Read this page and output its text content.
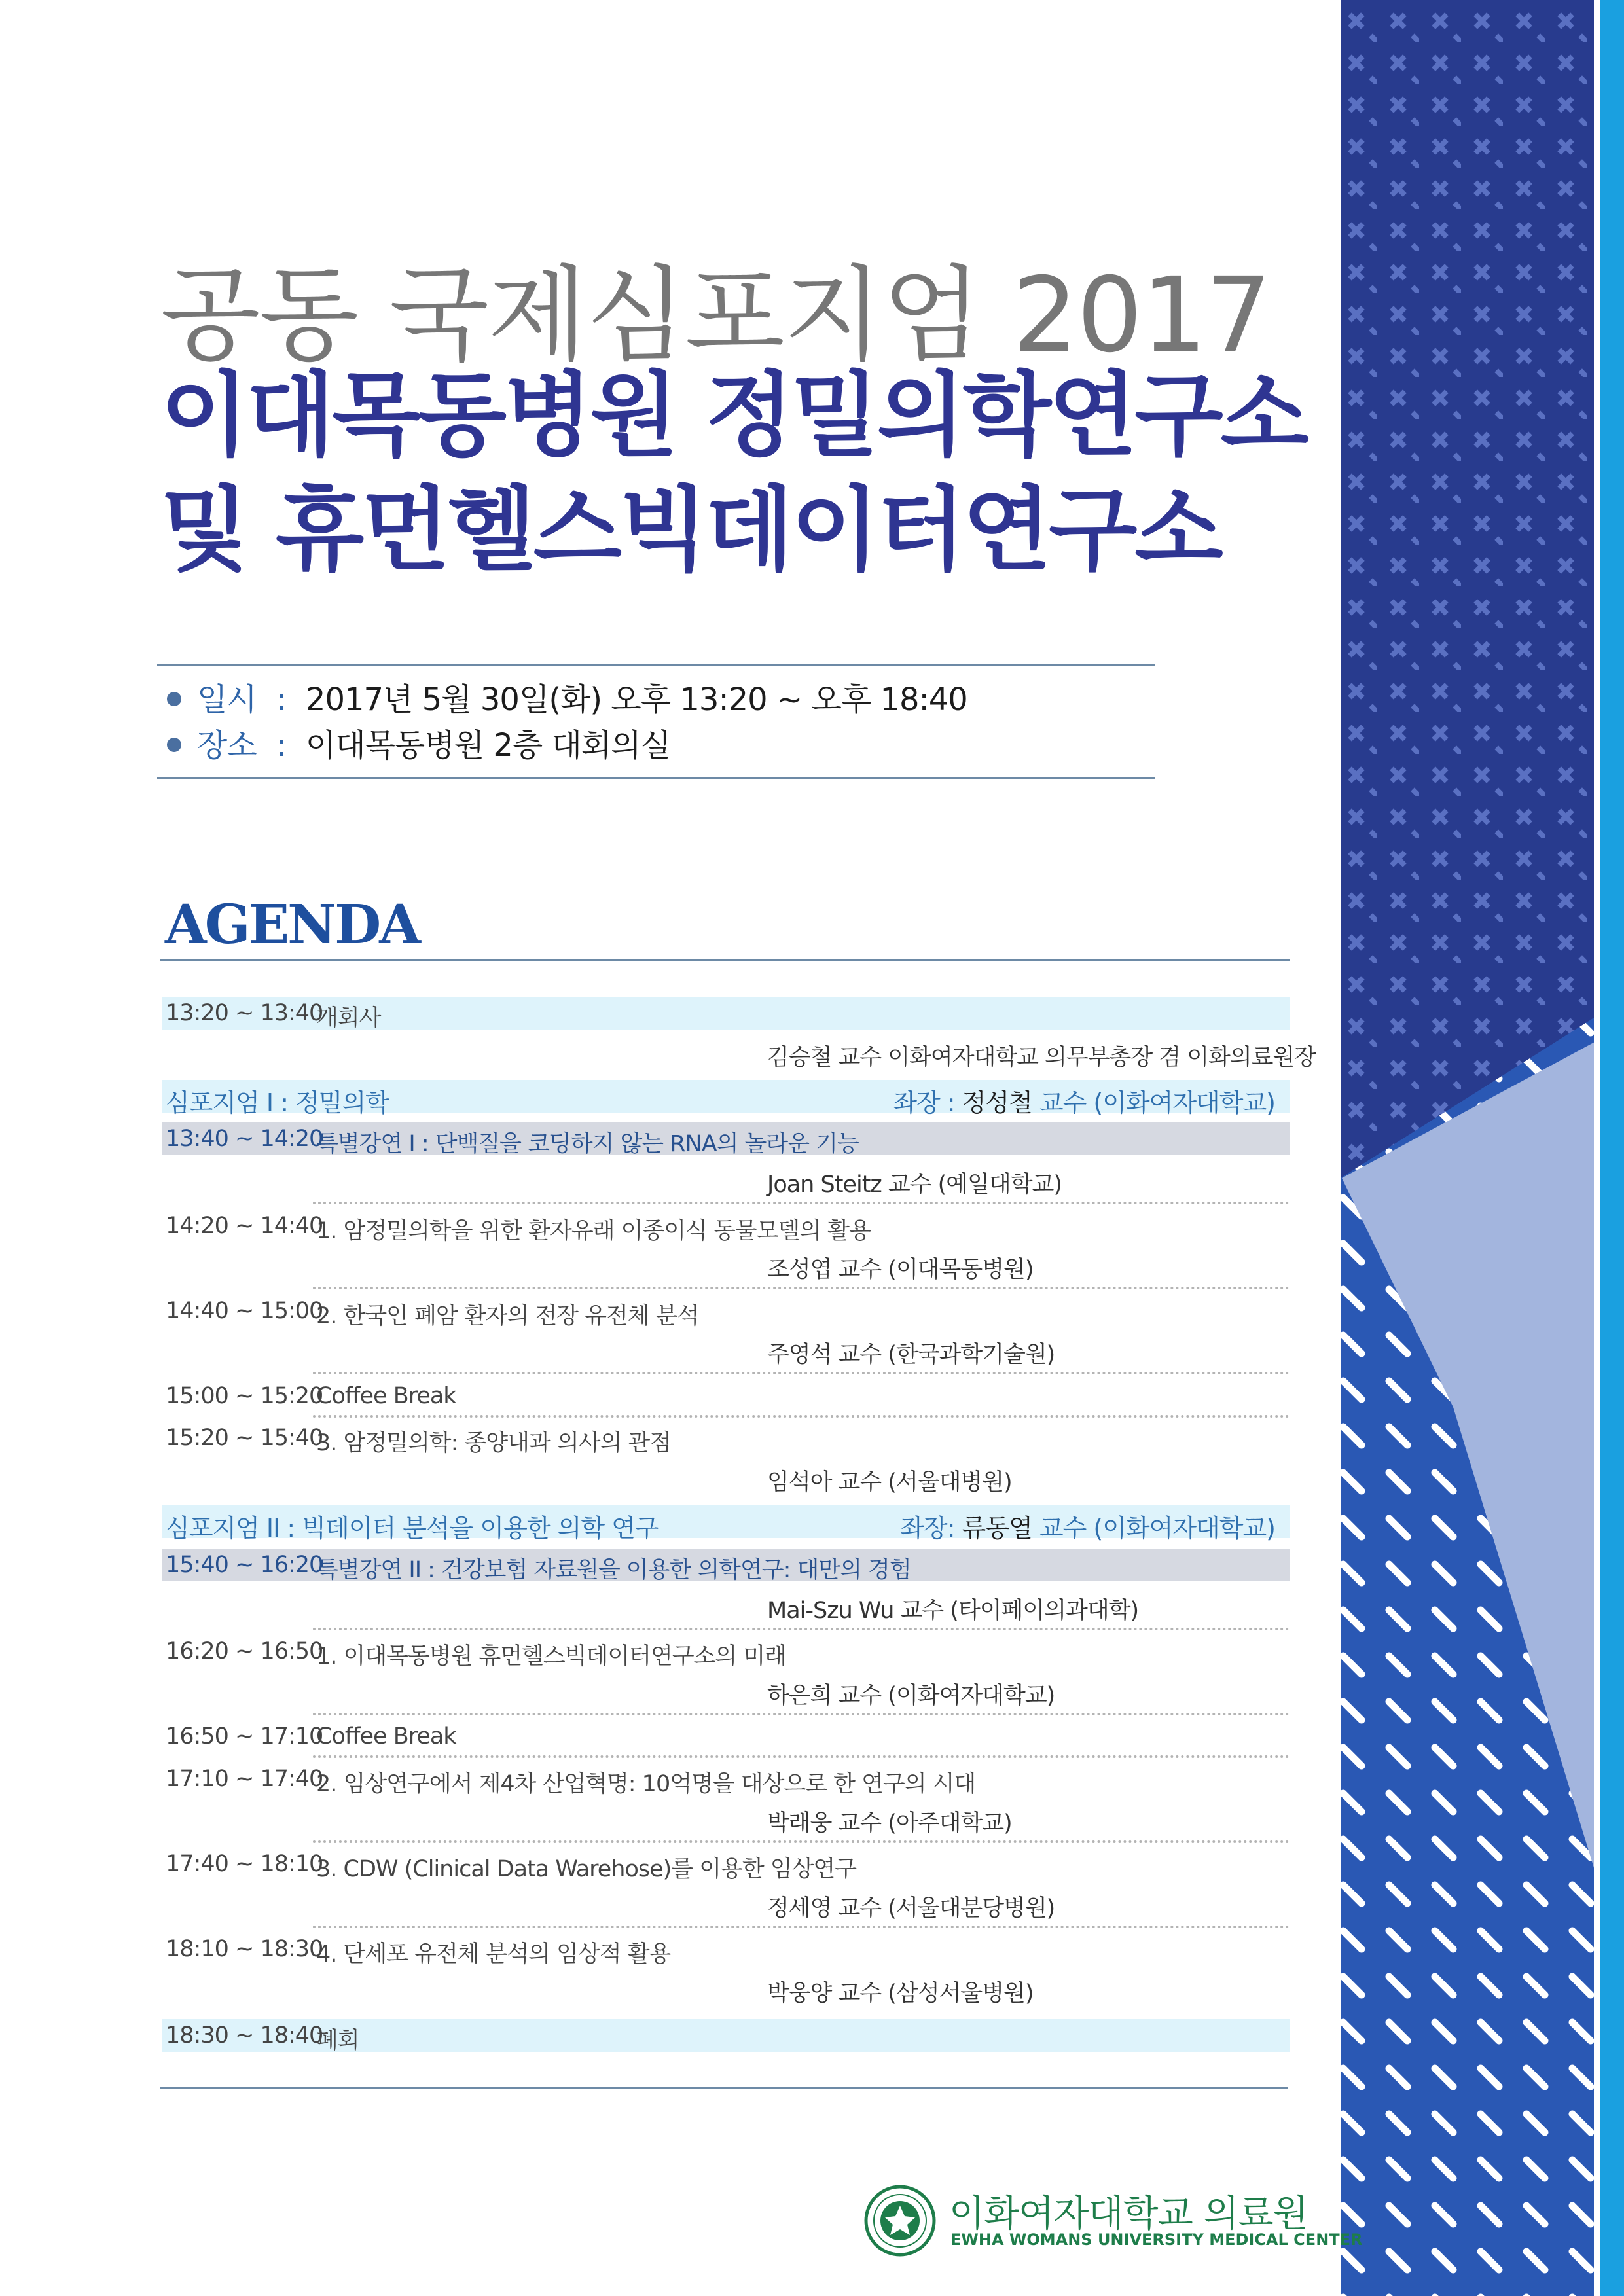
공동 국제심포지엄 2017
이대목동병원 정밀의학연구소
및 휴먼헬스빅데이터연구소
일시 : 2017년 5월 30일(화) 오후 13:20 ~ 오후 18:40
장소 : 이대목동병원 2층 대회의실
AGENDA
13:20 ~ 13:40
개회사
김승철 교수 이화여자대학교 의무부총장 겸 이화의료원장
심포지엄 I : 정밀의학	좌장 : 정성철 교수 (이화여자대학교)
13:40 ~ 14:20
특별강연 I : 단백질을 코딩하지 않는 RNA의 놀라운 기능
Joan Steitz 교수 (예일대학교)
14:20 ~ 14:40
1. 암정밀의학을 위한 환자유래 이종이식 동물모델의 활용
조성엽 교수 (이대목동병원)
14:40 ~ 15:00
2. 한국인 폐암 환자의 전장 유전체 분석
주영석 교수 (한국과학기술원)
15:00 ~ 15:20
Coffee Break
15:20 ~ 15:40
3. 암정밀의학: 종양내과 의사의 관점
임석아 교수 (서울대병원)
심포지엄 II : 빅데이터 분석을 이용한 의학 연구	좌장: 류동열 교수 (이화여자대학교)
15:40 ~ 16:20
특별강연 II : 건강보험 자료원을 이용한 의학연구: 대만의 경험
Mai-Szu Wu 교수 (타이페이의과대학)
16:20 ~ 16:50
1. 이대목동병원 휴먼헬스빅데이터연구소의 미래
하은희 교수 (이화여자대학교)
16:50 ~ 17:10
Coffee Break
17:10 ~ 17:40
2. 임상연구에서 제4차 산업혁명: 10억명을 대상으로 한 연구의 시대
박래웅 교수 (아주대학교)
17:40 ~ 18:10
3. CDW (Clinical Data Warehose)를 이용한 임상연구
정세영 교수 (서울대분당병원)
18:10 ~ 18:30
4. 단세포 유전체 분석의 임상적 활용
박웅양 교수 (삼성서울병원)
18:30 ~ 18:40
폐회
이화여자대학교 의료원
EWHA WOMANS UNIVERSITY MEDICAL CENTER
